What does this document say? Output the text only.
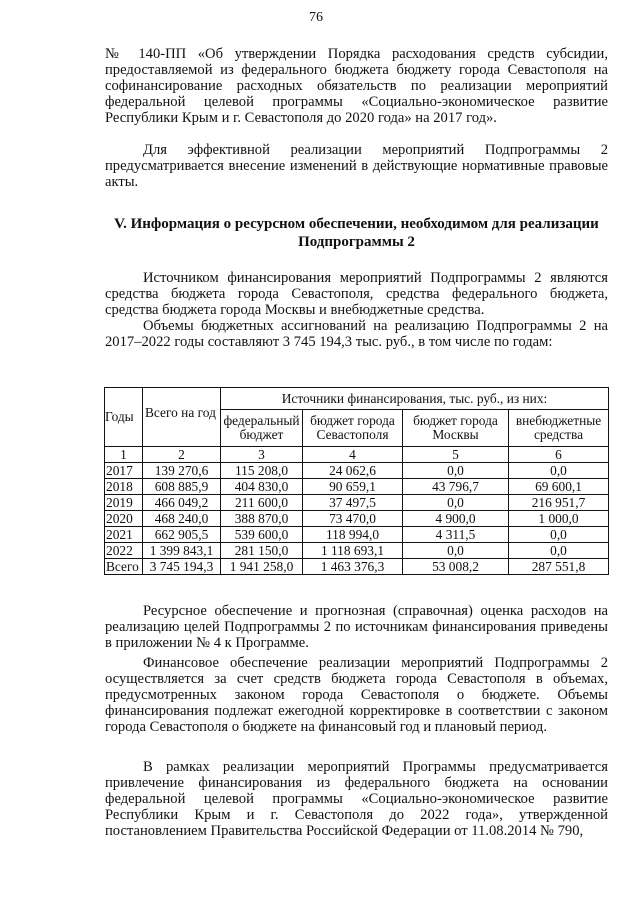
76
№ 140-ПП «Об утверждении Порядка расходования средств субсидии, предоставляемой из федерального бюджета бюджету города Севастополя на софинансирование расходных обязательств по реализации мероприятий федеральной целевой программы «Социально-экономическое развитие Республики Крым и г. Севастополя до 2020 года» на 2017 год».
Для эффективной реализации мероприятий Подпрограммы 2 предусматривается внесение изменений в действующие нормативные правовые акты.
V. Информация о ресурсном обеспечении, необходимом для реализации
Подпрограммы 2
Источником финансирования мероприятий Подпрограммы 2 являются средства бюджета города Севастополя, средства федерального бюджета, средства бюджета города Москвы и внебюджетные средства.
Объемы бюджетных ассигнований на реализацию Подпрограммы 2 на 2017–2022 годы составляют 3 745 194,3 тыс. руб., в том числе по годам:
Годы	Всего на год	Источники финансирования, тыс. руб., из них:			
		федеральный бюджет	бюджет города Севастополя	бюджет города Москвы	внебюджетные средства
1	2	3	4	5	6
2017	139 270,6	115 208,0	24 062,6	0,0	0,0
2018	608 885,9	404 830,0	90 659,1	43 796,7	69 600,1
2019	466 049,2	211 600,0	37 497,5	0,0	216 951,7
2020	468 240,0	388 870,0	73 470,0	4 900,0	1 000,0
2021	662 905,5	539 600,0	118 994,0	4 311,5	0,0
2022	1 399 843,1	281 150,0	1 118 693,1	0,0	0,0
Всего	3 745 194,3	1 941 258,0	1 463 376,3	53 008,2	287 551,8
Ресурсное обеспечение и прогнозная (справочная) оценка расходов на реализацию целей Подпрограммы 2 по источникам финансирования приведены в приложении № 4 к Программе.
Финансовое обеспечение реализации мероприятий Подпрограммы 2 осуществляется за счет средств бюджета города Севастополя в объемах, предусмотренных законом города Севастополя о бюджете. Объемы финансирования подлежат ежегодной корректировке в соответствии с законом города Севастополя о бюджете на финансовый год и плановый период.
В рамках реализации мероприятий Программы предусматривается привлечение финансирования из федерального бюджета на основании федеральной целевой программы «Социально-экономическое развитие Республики Крым и г. Севастополя до 2022 года», утвержденной постановлением Правительства Российской Федерации от 11.08.2014 № 790,
